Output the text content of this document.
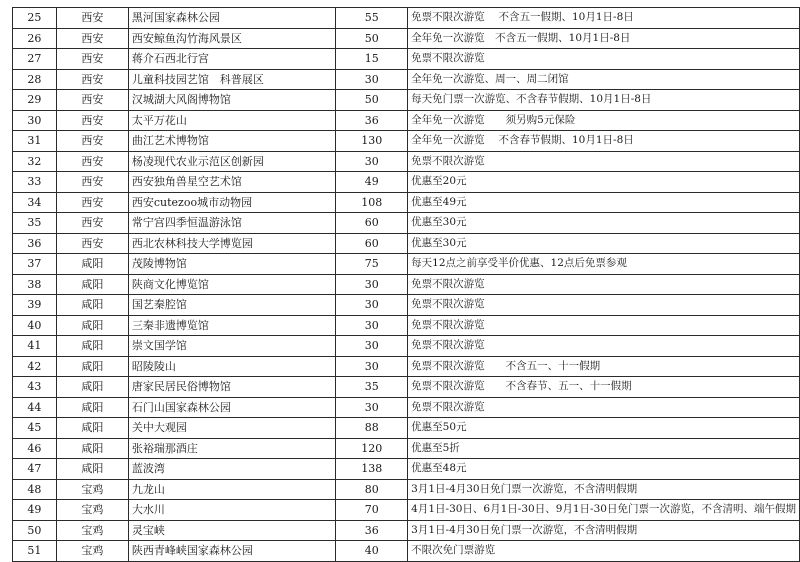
25	西安	黑河国家森林公园	55	免票不限次游览　 不含五一假期、10月1日-8日
26	西安	西安鲸鱼沟竹海风景区	50	全年免一次游览　不含五一假期、10月1日-8日
27	西安	蒋介石西北行宫	15	免票不限次游览
28	西安	儿童科技园艺馆　科普展区	30	全年免一次游览、周一、周二闭馆
29	西安	汉城湖大风阁博物馆	50	每天免门票一次游览、不含春节假期、10月1日-8日
30	西安	太平万花山	36	全年免一次游览　　须另购5元保险
31	西安	曲江艺术博物馆	130	全年免一次游览　 不含春节假期、10月1日-8日
32	西安	杨凌现代农业示范区创新园	30	免票不限次游览
33	西安	西安独角兽星空艺术馆	49	优惠至20元
34	西安	西安cutezoo城市动物园	108	优惠至49元
35	西安	常宁宫四季恒温游泳馆	60	优惠至30元
36	西安	西北农林科技大学博览园	60	优惠至30元
37	咸阳	茂陵博物馆	75	每天12点之前享受半价优惠、12点后免票参观
38	咸阳	陕商文化博览馆	30	免票不限次游览
39	咸阳	国艺秦腔馆	30	免票不限次游览
40	咸阳	三秦非遗博览馆	30	免票不限次游览
41	咸阳	崇文国学馆	30	免票不限次游览
42	咸阳	昭陵陵山	30	免票不限次游览　　不含五一、十一假期
43	咸阳	唐家民居民俗博物馆	35	免票不限次游览　　不含春节、五一、十一假期
44	咸阳	石门山国家森林公园	30	免票不限次游览
45	咸阳	关中大观园	88	优惠至50元
46	咸阳	张裕瑞那酒庄	120	优惠至5折
47	咸阳	蓝波湾	138	优惠至48元
48	宝鸡	九龙山	80	3月1日-4月30日免门票一次游览，不含清明假期
49	宝鸡	大水川	70	4月1日-30日、6月1日-30日、9月1日-30日免门票一次游览，不含清明、端午假期
50	宝鸡	灵宝峡	36	3月1日-4月30日免门票一次游览，不含清明假期
51	宝鸡	陕西青峰峡国家森林公园	40	不限次免门票游览
